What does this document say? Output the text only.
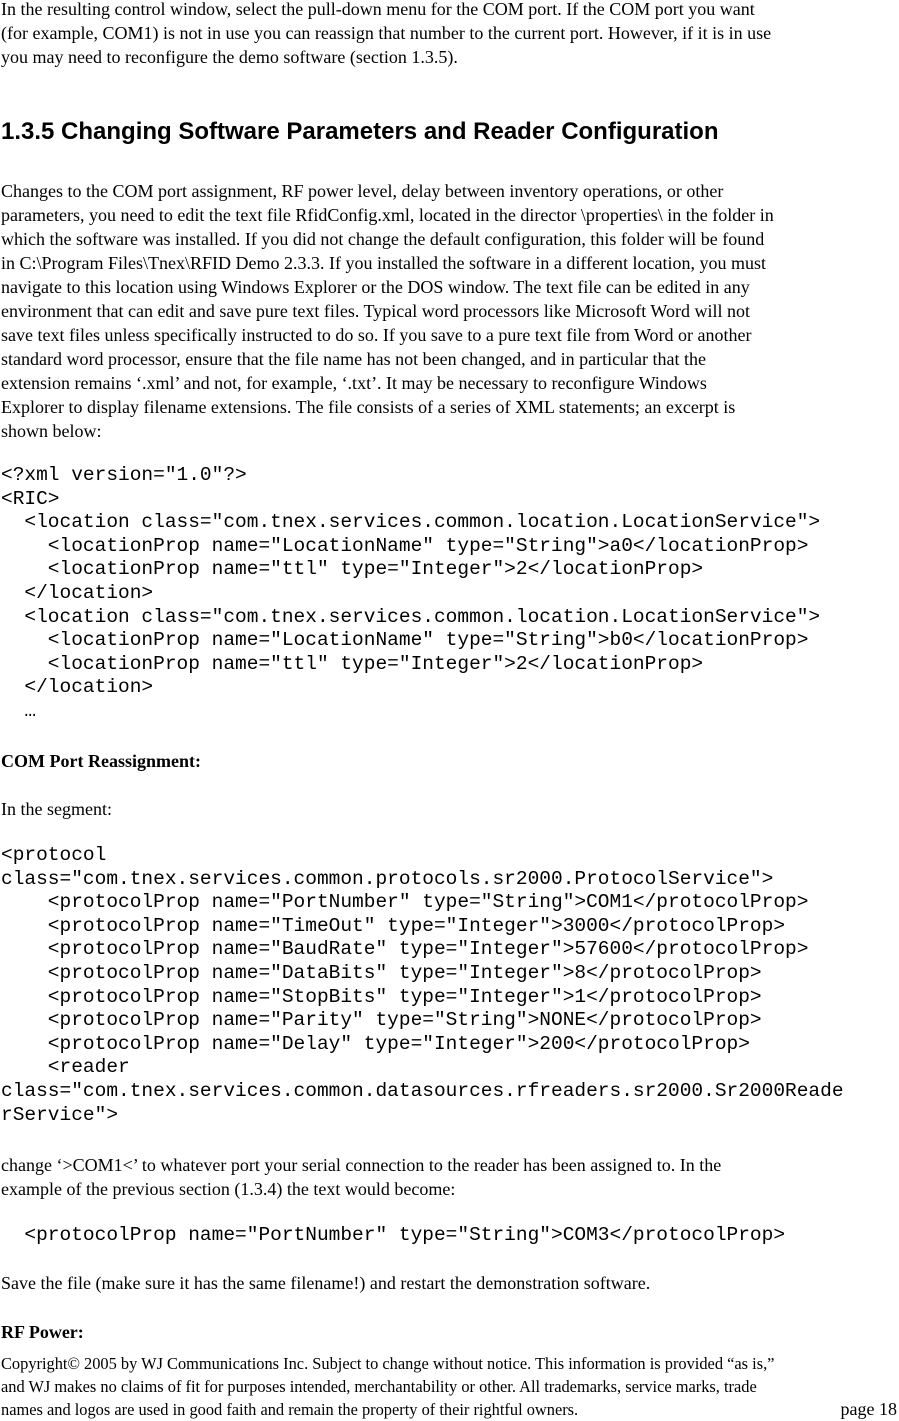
In the resulting control window, select the pull-down menu for the COM port. If the COM port you want
(for example, COM1) is not in use you can reassign that number to the current port. However, if it is in use
you may need to reconfigure the demo software (section 1.3.5).
1.3.5 Changing Software Parameters and Reader Configuration
Changes to the COM port assignment, RF power level, delay between inventory operations, or other
parameters, you need to edit the text file RfidConfig.xml, located in the director \properties\ in the folder in
which the software was installed. If you did not change the default configuration, this folder will be found
in C:\Program Files\Tnex\RFID Demo 2.3.3. If you installed the software in a different location, you must
navigate to this location using Windows Explorer or the DOS window. The text file can be edited in any
environment that can edit and save pure text files. Typical word processors like Microsoft Word will not
save text files unless specifically instructed to do so. If you save to a pure text file from Word or another
standard word processor, ensure that the file name has not been changed, and in particular that the
extension remains ‘.xml’ and not, for example, ‘.txt’. It may be necessary to reconfigure Windows
Explorer to display filename extensions. The file consists of a series of XML statements; an excerpt is
shown below:
<?xml version="1.0"?>
<RIC>
<location class="com.tnex.services.common.location.LocationService">
<locationProp name="LocationName" type="String">a0</locationProp>
<locationProp name="ttl" type="Integer">2</locationProp>
</location>
<location class="com.tnex.services.common.location.LocationService">
<locationProp name="LocationName" type="String">b0</locationProp>
<locationProp name="ttl" type="Integer">2</locationProp>
</location>
…
COM Port Reassignment:
In the segment:
<protocol
class="com.tnex.services.common.protocols.sr2000.ProtocolService">
<protocolProp name="PortNumber" type="String">COM1</protocolProp>
<protocolProp name="TimeOut" type="Integer">3000</protocolProp>
<protocolProp name="BaudRate" type="Integer">57600</protocolProp>
<protocolProp name="DataBits" type="Integer">8</protocolProp>
<protocolProp name="StopBits" type="Integer">1</protocolProp>
<protocolProp name="Parity" type="String">NONE</protocolProp>
<protocolProp name="Delay" type="Integer">200</protocolProp>
<reader
class="com.tnex.services.common.datasources.rfreaders.sr2000.Sr2000Reade
rService">
change ‘>COM1<’ to whatever port your serial connection to the reader has been assigned to. In the
example of the previous section (1.3.4) the text would become:
<protocolProp name="PortNumber" type="String">COM3</protocolProp>
Save the file (make sure it has the same filename!) and restart the demonstration software.
RF Power:
Copyright© 2005 by WJ Communications Inc. Subject to change without notice. This information is provided “as is,”
and WJ makes no claims of fit for purposes intended, merchantability or other. All trademarks, service marks, trade
names and logos are used in good faith and remain the property of their rightful owners.	page 18
